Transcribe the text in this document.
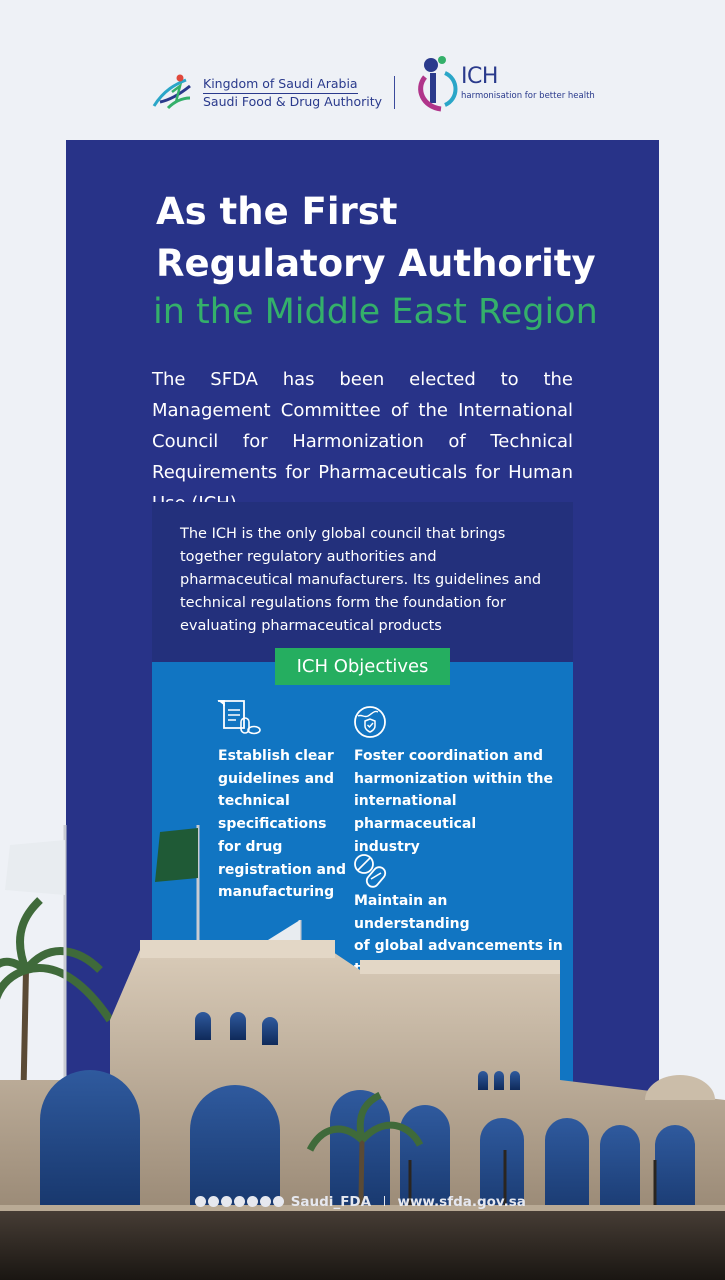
Kingdom of Saudi Arabia
Saudi Food & Drug Authority
ICH
harmonisation for better health
As the First
Regulatory Authority
in the Middle East Region
The SFDA has been elected to the Management Committee of the International Council for Harmonization of Technical Requirements for Pharmaceuticals for Human
The ICH is the only global council that brings together regulatory authorities and pharmaceutical manufacturers. Its guidelines and technical regulations form the foundation for evaluating pharmaceutical products
ICH Objectives
Establish clear
guidelines and
technical
specifications
for drug
registration and
manufacturing
Foster coordination and
harmonization within the
international pharmaceutical
industry
Maintain an understanding
of global advancements in
Saudi_FDA www.sfda.gov.sa
